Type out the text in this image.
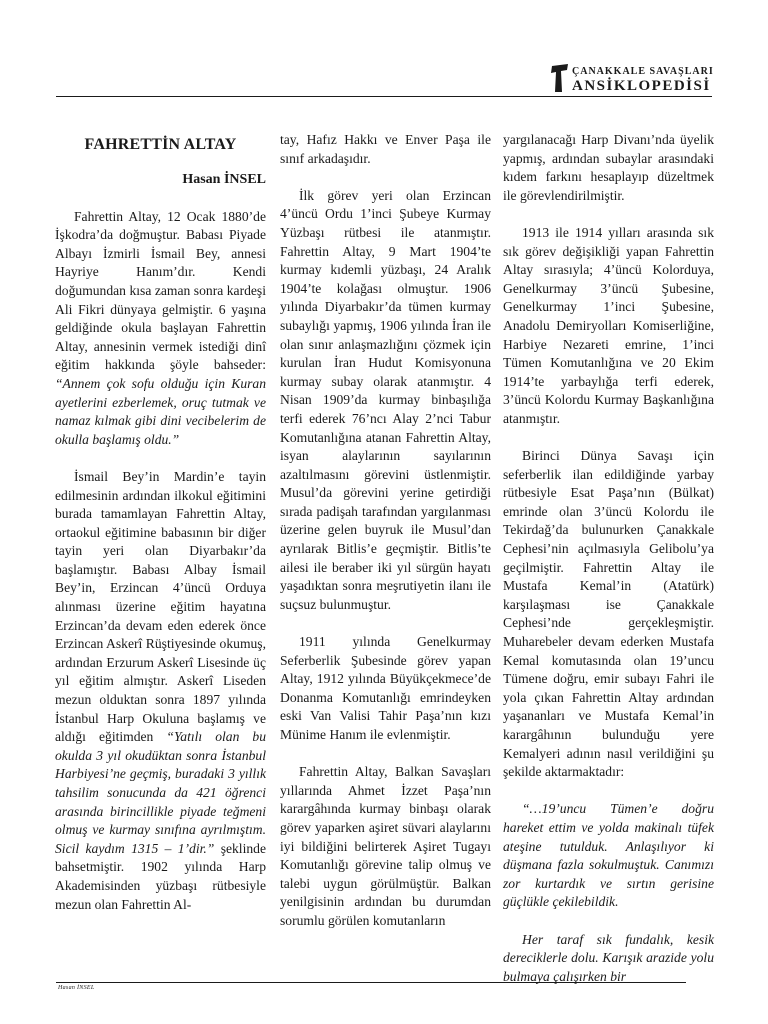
ÇANAKKALE SAVAŞLARI
ANSİKLOPEDİSİ
FAHRETTİN ALTAY
Hasan İNSEL

Fahrettin Altay, 12 Ocak 1880’de İşkodra’da doğmuştur. Babası Piyade Albayı İzmirli İsmail Bey, annesi Hayriye Hanım’dır. Kendi doğumundan kısa zaman sonra kardeşi Ali Fikri dünyaya gelmiştir. 6 yaşına geldiğinde okula başlayan Fahrettin Altay, annesinin vermek istediği dinî eğitim hakkında şöyle bahseder: “Annem çok sofu olduğu için Kuran ayetlerini ezberlemek, oruç tutmak ve namaz kılmak gibi dini vecibelerim de okulla başlamış oldu.”

İsmail Bey’in Mardin’e tayin edilmesinin ardından ilkokul eğitimini burada tamamlayan Fahrettin Altay, ortaokul eğitimine babasının bir diğer tayin yeri olan Diyarbakır’da başlamıştır. Babası Albay İsmail Bey’in, Erzincan 4’üncü Orduya alınması üzerine eğitim hayatına Erzincan’da devam eden ederek önce Erzincan Askerî Rüştiyesinde okumuş, ardından Erzurum Askerî Lisesinde üç yıl eğitim almıştır. Askerî Liseden mezun olduktan sonra 1897 yılında İstanbul Harp Okuluna başlamış ve aldığı eğitimden “Yatılı olan bu okulda 3 yıl okudüktan sonra İstanbul Harbiyesi’ne geçmiş, buradaki 3 yıllık tahsilim sonucunda da 421 öğrenci arasında birincillikle piyade teğmeni olmuş ve kurmay sınıfına ayrılmıştım. Sicil kaydım 1315 – 1’dir.” şeklinde bahsetmiştir. 1902 yılında Harp Akademisinden yüzbaşı rütbesiyle mezun olan Fahrettin Al-

tay, Hafız Hakkı ve Enver Paşa ile sınıf arkadaşıdır.

İlk görev yeri olan Erzincan 4’üncü Ordu 1’inci Şubeye Kurmay Yüzbaşı rütbesi ile atanmıştır. Fahrettin Altay, 9 Mart 1904’te kurmay kıdemli yüzbaşı, 24 Aralık 1904’te kolağası olmuştur. 1906 yılında Diyarbakır’da tümen kurmay subaylığı yapmış, 1906 yılında İran ile olan sınır anlaşmazlığını çözmek için kurulan İran Hudut Komisyonuna kurmay subay olarak atanmıştır. 4 Nisan 1909’da kurmay binbaşılığa terfi ederek 76’ncı Alay 2’nci Tabur Komutanlığına atanan Fahrettin Altay, isyan alaylarının sayılarının azaltılmasını görevini üstlenmiştir. Musul’da görevini yerine getirdiği sırada padişah tarafından yargılanması üzerine gelen buyruk ile Musul’dan ayrılarak Bitlis’e geçmiştir. Bitlis’te ailesi ile beraber iki yıl sürgün hayatı yaşadıktan sonra meşrutiyetin ilanı ile suçsuz bulunmuştur.

1911 yılında Genelkurmay Seferberlik Şubesinde görev yapan Altay, 1912 yılında Büyükçekmece’de Donanma Komutanlığı emrindeyken eski Van Valisi Tahir Paşa’nın kızı Münime Hanım ile evlenmiştir.

Fahrettin Altay, Balkan Savaşları yıllarında Ahmet İzzet Paşa’nın karargâhında kurmay binbaşı olarak görev yaparken aşiret süvari alaylarını iyi bildiğini belirterek Aşiret Tugayı Komutanlığı görevine talip olmuş ve talebi uygun görülmüştür. Balkan yenilgisinin ardından bu durumdan sorumlu görülen komutanların

yargılanacağı Harp Divanı’nda üyelik yapmış, ardından subaylar arasındaki kıdem farkını hesaplayıp düzeltmek ile görevlendirilmiştir.

1913 ile 1914 yılları arasında sık sık görev değişikliği yapan Fahrettin Altay sırasıyla; 4’üncü Kolorduya, Genelkurmay 3’üncü Şubesine, Genelkurmay 1’inci Şubesine, Anadolu Demiryolları Komiserliğine, Harbiye Nezareti emrine, 1’inci Tümen Komutanlığına ve 20 Ekim 1914’te yarbaylığa terfi ederek, 3’üncü Kolordu Kurmay Başkanlığına atanmıştır.

Birinci Dünya Savaşı için seferberlik ilan edildiğinde yarbay rütbesiyle Esat Paşa’nın (Bülkat) emrinde olan 3’üncü Kolordu ile Tekirdağ’da bulunurken Çanakkale Cephesi’nin açılmasıyla Gelibolu’ya geçilmiştir. Fahrettin Altay ile Mustafa Kemal’in (Atatürk) karşılaşması ise Çanakkale Cephesi’nde gerçekleşmiştir. Muharebeler devam ederken Mustafa Kemal komutasında olan 19’uncu Tümene doğru, emir subayı Fahri ile yola çıkan Fahrettin Altay ardından yaşananları ve Mustafa Kemal’in karargâhının bulunduğu yere Kemalyeri adının nasıl verildiğini şu şekilde aktarmaktadır:

“…19’uncu Tümen’e doğru hareket ettim ve yolda makinalı tüfek ateşine tutulduk. Anlaşılıyor ki düşmana fazla sokulmuştuk. Canımızı zor kurtardık ve sırtın gerisine güçlükle çekilebildik.

Her taraf sık fundalık, kesik dereciklerle dolu. Karışık arazide yolu bulmaya çalışırken bir

Hasan İNSEL
